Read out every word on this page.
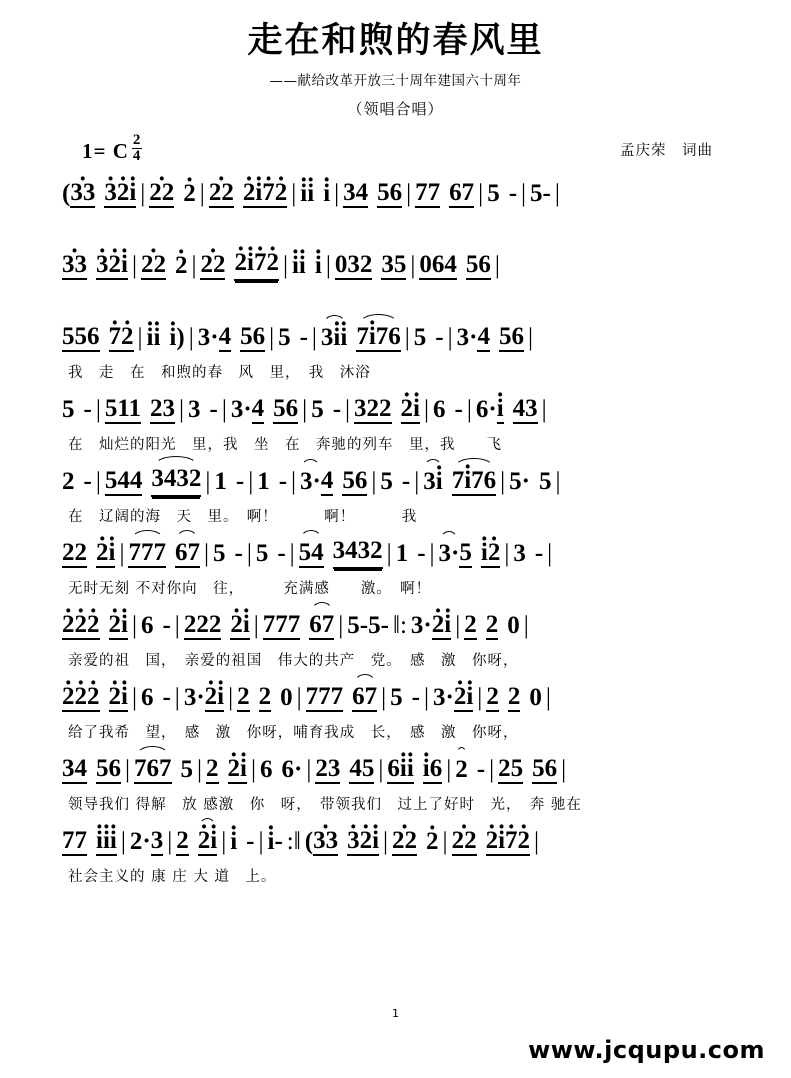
走在和煦的春风里
——献给改革开放三十周年建国六十周年
（领唱合唱）
1= C $\frac{2}{4}$	孟庆荣　词曲
( 33 · 3 ·2 ·i · | 22 · 2 · | 22 · 2 ·i ·7 ·2 · | i · i · i · | 34 56 | 77 67 | 5 - | 5 - |
33 · 3 ·2 ·i · | 22 · 2 · | 22 · 2 ·i ·7 ·2 · | i · i · i · | 032 35 | 064 56 |
556 7 ·2 · | i · i · i · ) | 3· 4 56 | 5 - | 3i ·i · 7i ·76 | 5 - | 3· 4 56 |
我　走　在　和煦的春　风　里，　我　沐浴
5 - | 511 23 | 3 - | 3· 4 56 | 5 - | 322 2 ·i · | 6 - | 6· i · 43 |
在　灿烂的阳光　里，我　坐　在　奔驰的列车　里，我　　飞
2 - | 544 3432 | 1 - | 1 - | 3· 4 56 | 5 - | 3i · 7i ·76 | 5· 5 |
在　辽阔的海　天　里。　啊！　　　啊！　　　我
22 2 ·i · | 777 67 | 5 - | 5 - | 54 3432 | 1 - | 3· 5 i ·2 · | 3 - |
无时无刻 不对你向　往，　　　充满感　　激。　啊！
2 ·2 ·2 · 2 ·i · | 6 - | 222 2 ·i · | 777 67 | 5 - 5 - ‖: 3· 2 · i · | 2 2 0 |
亲爱的祖　国，　亲爱的祖国　伟大的共产　党。　感　激　你呀，
2 ·2 ·2 · 2 ·i · | 6 - | 3· 2 · i · | 2 2 0 | 777 67 | 5 - | 3· 2 · i · | 2 2 0 |
给了我希　望，　感　激　你呀，哺育我成　长，　感　激　你呀，
34 56 | 767 5 | 2 2 ·i · | 6 6· | 23 45 | 6i ·i · i ·6 | 2 - | 25 56 |
领导我们 得解　放 感激　你　呀，　带领我们　过上了好时　光，　奔 驰在
77 i ·i ·i · | 2· 3 | 2 2 ·i · | i · - | i · - :‖ ( 33 · 3 ·2 ·i · | 22 · 2 · | 22 · 2 ·i ·7 ·2 · |
社会主义的 康 庄 大 道　上。
1
www.jcqupu.com
